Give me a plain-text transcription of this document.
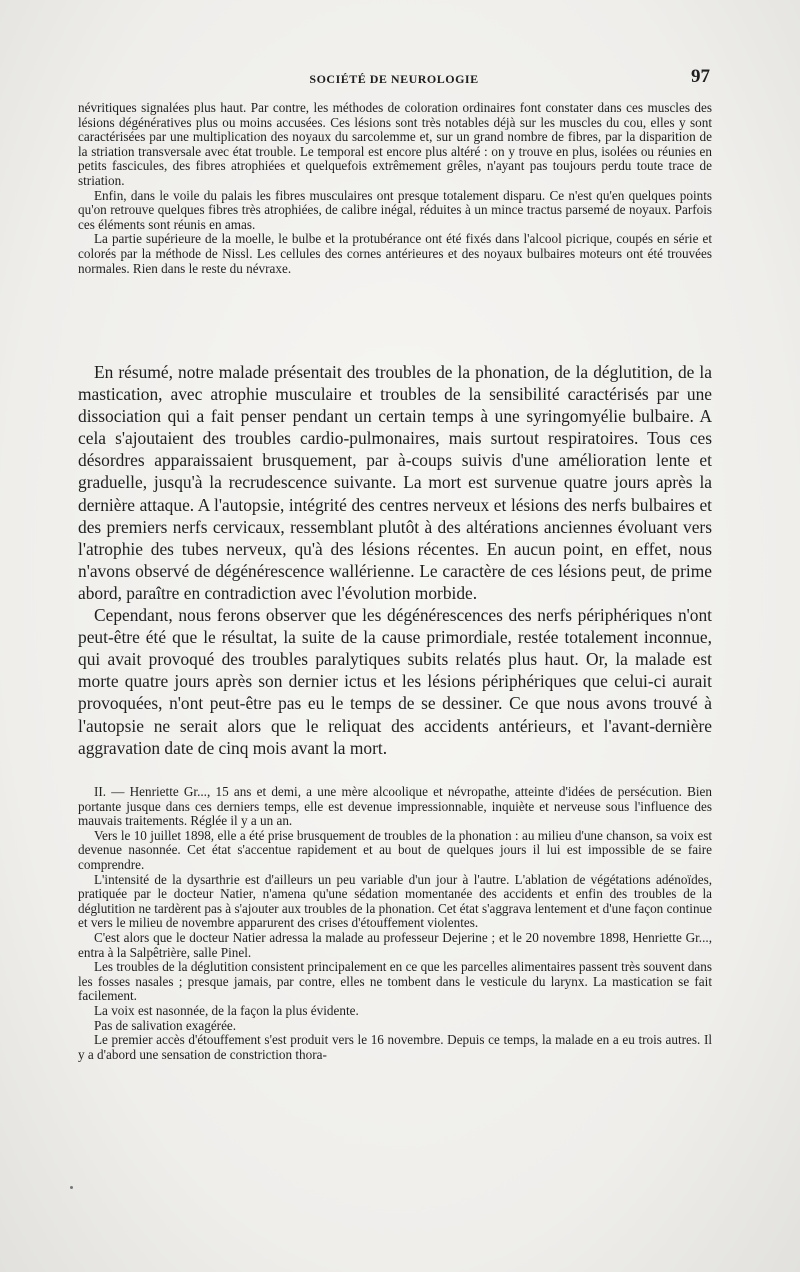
SOCIÉTÉ DE NEUROLOGIE	97

névritiques signalées plus haut. Par contre, les méthodes de coloration ordinaires font constater dans ces muscles des lésions dégénératives plus ou moins accusées. Ces lésions sont très notables déjà sur les muscles du cou, elles y sont caractérisées par une multiplication des noyaux du sarcolemme et, sur un grand nombre de fibres, par la disparition de la striation transversale avec état trouble. Le temporal est encore plus altéré : on y trouve en plus, isolées ou réunies en petits fascicules, des fibres atrophiées et quelquefois extrêmement grêles, n'ayant pas toujours perdu toute trace de striation.

Enfin, dans le voile du palais les fibres musculaires ont presque totalement disparu. Ce n'est qu'en quelques points qu'on retrouve quelques fibres très atrophiées, de calibre inégal, réduites à un mince tractus parsemé de noyaux. Parfois ces éléments sont réunis en amas.

La partie supérieure de la moelle, le bulbe et la protubérance ont été fixés dans l'alcool picrique, coupés en série et colorés par la méthode de Nissl. Les cellules des cornes antérieures et des noyaux bulbaires moteurs ont été trouvées normales. Rien dans le reste du névraxe.

En résumé, notre malade présentait des troubles de la phonation, de la déglutition, de la mastication, avec atrophie musculaire et troubles de la sensibilité caractérisés par une dissociation qui a fait penser pendant un certain temps à une syringomyélie bulbaire. A cela s'ajoutaient des troubles cardio-pulmonaires, mais surtout respiratoires. Tous ces désordres apparaissaient brusquement, par à-coups suivis d'une amélioration lente et graduelle, jusqu'à la recrudescence suivante. La mort est survenue quatre jours après la dernière attaque. A l'autopsie, intégrité des centres nerveux et lésions des nerfs bulbaires et des premiers nerfs cervicaux, ressemblant plutôt à des altérations anciennes évoluant vers l'atrophie des tubes nerveux, qu'à des lésions récentes. En aucun point, en effet, nous n'avons observé de dégénérescence wallérienne. Le caractère de ces lésions peut, de prime abord, paraître en contradiction avec l'évolution morbide.

Cependant, nous ferons observer que les dégénérescences des nerfs périphériques n'ont peut-être été que le résultat, la suite de la cause primordiale, restée totalement inconnue, qui avait provoqué des troubles paralytiques subits relatés plus haut. Or, la malade est morte quatre jours après son dernier ictus et les lésions périphériques que celui-ci aurait provoquées, n'ont peut-être pas eu le temps de se dessiner. Ce que nous avons trouvé à l'autopsie ne serait alors que le reliquat des accidents antérieurs, et l'avant-dernière aggravation date de cinq mois avant la mort.

II. — Henriette Gr..., 15 ans et demi, a une mère alcoolique et névropathe, atteinte d'idées de persécution. Bien portante jusque dans ces derniers temps, elle est devenue impressionnable, inquiète et nerveuse sous l'influence des mauvais traitements. Réglée il y a un an.

Vers le 10 juillet 1898, elle a été prise brusquement de troubles de la phonation : au milieu d'une chanson, sa voix est devenue nasonnée. Cet état s'accentue rapidement et au bout de quelques jours il lui est impossible de se faire comprendre.

L'intensité de la dysarthrie est d'ailleurs un peu variable d'un jour à l'autre. L'ablation de végétations adénoïdes, pratiquée par le docteur Natier, n'amena qu'une sédation momentanée des accidents et enfin des troubles de la déglutition ne tardèrent pas à s'ajouter aux troubles de la phonation. Cet état s'aggrava lentement et d'une façon continue et vers le milieu de novembre apparurent des crises d'étouffement violentes.

C'est alors que le docteur Natier adressa la malade au professeur Dejerine ; et le 20 novembre 1898, Henriette Gr..., entra à la Salpêtrière, salle Pinel.

Les troubles de la déglutition consistent principalement en ce que les parcelles alimentaires passent très souvent dans les fosses nasales ; presque jamais, par contre, elles ne tombent dans le vesticule du larynx. La mastication se fait facilement.

La voix est nasonnée, de la façon la plus évidente.

Pas de salivation exagérée.

Le premier accès d'étouffement s'est produit vers le 16 novembre. Depuis ce temps, la malade en a eu trois autres. Il y a d'abord une sensation de constriction thora-
